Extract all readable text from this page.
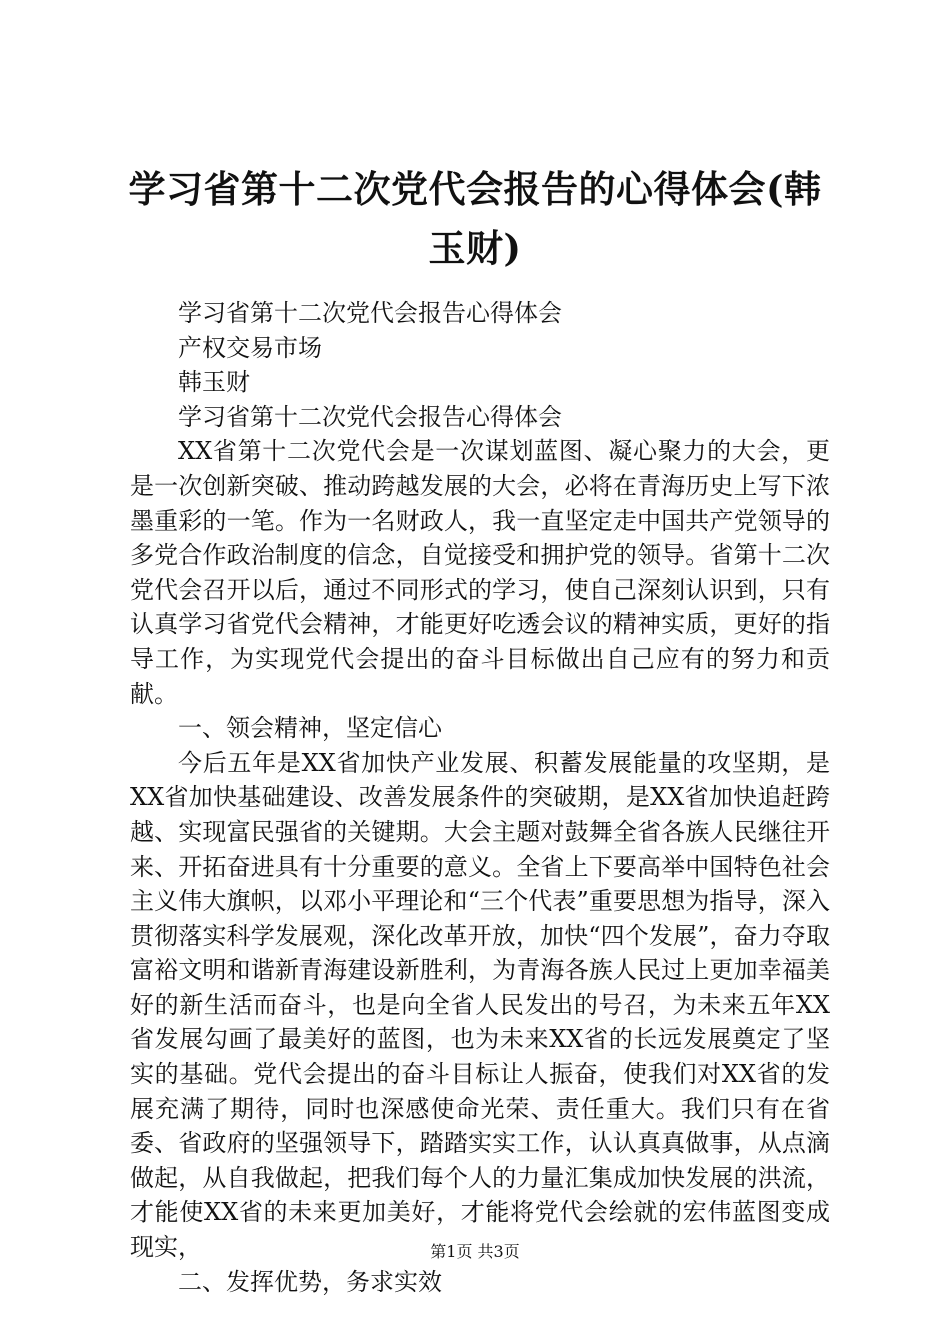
学习省第十二次党代会报告的心得体会(韩玉财)

学习省第十二次党代会报告心得体会

产权交易市场

韩玉财

学习省第十二次党代会报告心得体会

XX省第十二次党代会是一次谋划蓝图、凝心聚力的大会，更是一次创新突破、推动跨越发展的大会，必将在青海历史上写下浓墨重彩的一笔。作为一名财政人，我一直坚定走中国共产党领导的多党合作政治制度的信念，自觉接受和拥护党的领导。省第十二次党代会召开以后，通过不同形式的学习，使自己深刻认识到，只有认真学习省党代会精神，才能更好吃透会议的精神实质，更好的指导工作，为实现党代会提出的奋斗目标做出自己应有的努力和贡献。

一、领会精神，坚定信心

今后五年是XX省加快产业发展、积蓄发展能量的攻坚期，是XX省加快基础建设、改善发展条件的突破期，是XX省加快追赶跨越、实现富民强省的关键期。大会主题对鼓舞全省各族人民继往开来、开拓奋进具有十分重要的意义。全省上下要高举中国特色社会主义伟大旗帜，以邓小平理论和“三个代表”重要思想为指导，深入贯彻落实科学发展观，深化改革开放，加快“四个发展”，奋力夺取富裕文明和谐新青海建设新胜利，为青海各族人民过上更加幸福美好的新生活而奋斗，也是向全省人民发出的号召，为未来五年XX省发展勾画了最美好的蓝图，也为未来XX省的长远发展奠定了坚实的基础。党代会提出的奋斗目标让人振奋，使我们对XX省的发展充满了期待，同时也深感使命光荣、责任重大。我们只有在省委、省政府的坚强领导下，踏踏实实工作，认认真真做事，从点滴做起，从自我做起，把我们每个人的力量汇集成加快发展的洪流，才能使XX省的未来更加美好，才能将党代会绘就的宏伟蓝图变成现实，

二、发挥优势，务求实效

第1页 共3页
